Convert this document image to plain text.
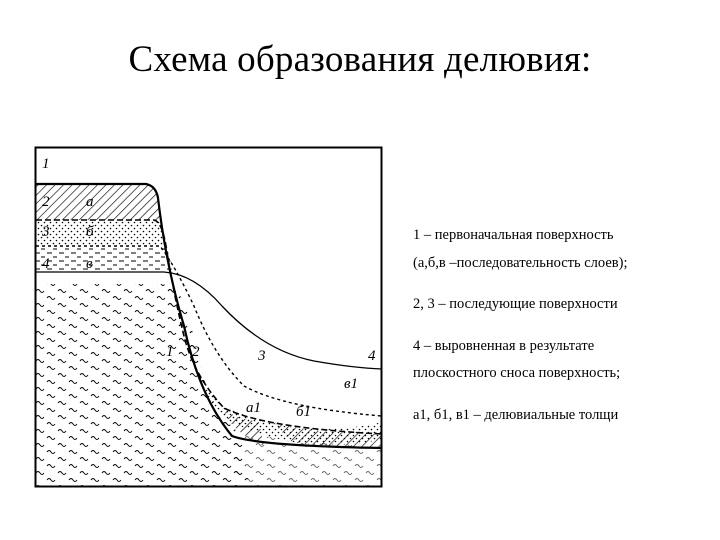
Схема образования делювия:
1
2
3
4
а
б
в
1 2	3	4
а1 б1
в1

1 – первоначальная поверхность
(а,б,в –последовательность слоев);

2, 3 – последующие поверхности

4 – выровненная в результате
плоскостного сноса поверхность;

а1, б1, в1 – делювиальные толщи
